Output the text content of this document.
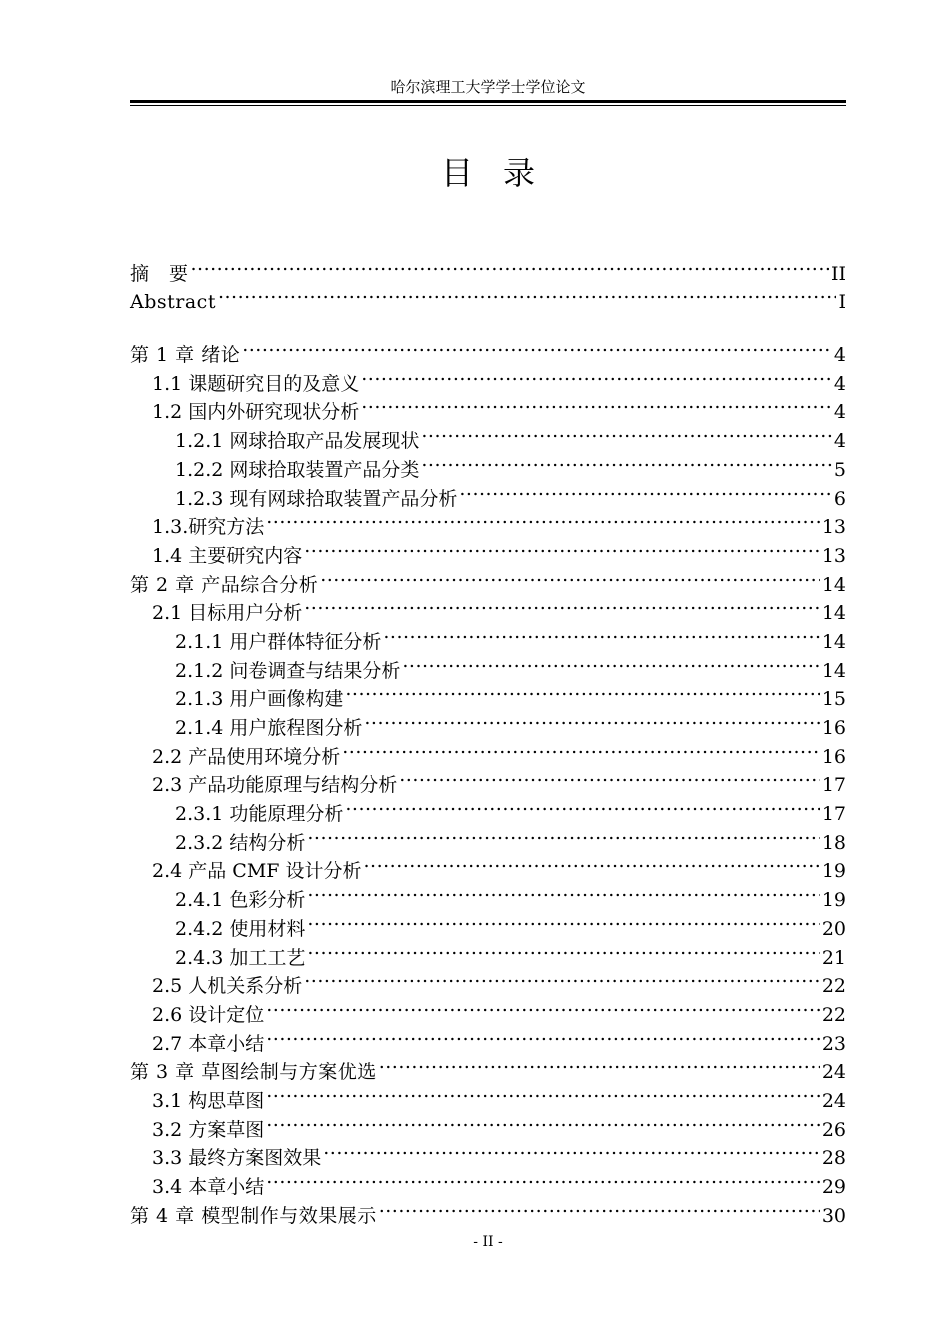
哈尔滨理工大学学士学位论文
目录
摘　要 .....	II
Abstract .....	I
第 1 章 绪论 .....	4
1.1 课题研究目的及意义 .....	4
1.2 国内外研究现状分析 .....	4
1.2.1 网球拾取产品发展现状 .....	4
1.2.2 网球拾取装置产品分类 .....	5
1.2.3 现有网球拾取装置产品分析 .....	6
1.3.研究方法 .....	13
1.4 主要研究内容 .....	13
第 2 章 产品综合分析 .....	14
2.1 目标用户分析 .....	14
2.1.1 用户群体特征分析 .....	14
2.1.2 问卷调查与结果分析 .....	14
2.1.3 用户画像构建 .....	15
2.1.4 用户旅程图分析 .....	16
2.2 产品使用环境分析 .....	16
2.3 产品功能原理与结构分析 .....	17
2.3.1 功能原理分析 .....	17
2.3.2 结构分析 .....	18
2.4 产品 CMF 设计分析 .....	19
2.4.1 色彩分析 .....	19
2.4.2 使用材料 .....	20
2.4.3 加工工艺 .....	21
2.5 人机关系分析 .....	22
2.6 设计定位 .....	22
2.7 本章小结 .....	23
第 3 章 草图绘制与方案优选 .....	24
3.1 构思草图 .....	24
3.2 方案草图 .....	26
3.3 最终方案图效果 .....	28
3.4 本章小结 .....	29
第 4 章 模型制作与效果展示 .....	30
- II -
